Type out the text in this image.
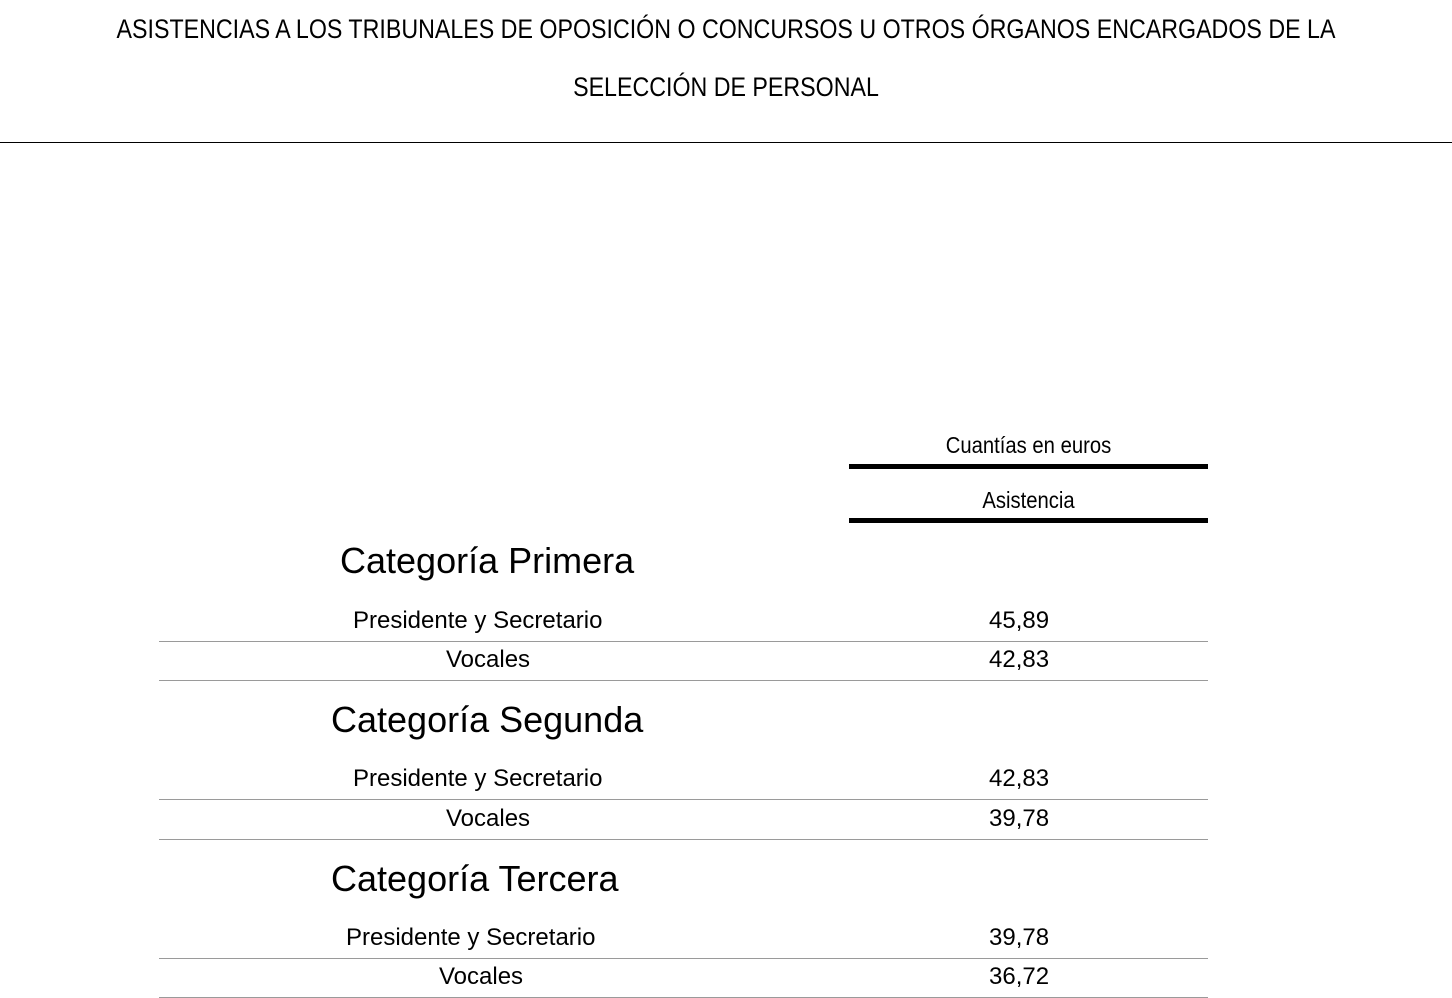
ASISTENCIAS A LOS TRIBUNALES DE OPOSICIÓN O CONCURSOS U OTROS ÓRGANOS ENCARGADOS DE LA
SELECCIÓN DE PERSONAL
Cuantías en euros
Asistencia
Categoría Primera
Presidente y Secretario	45,89
Vocales	42,83
Categoría Segunda
Presidente y Secretario	42,83
Vocales	39,78
Categoría Tercera
Presidente y Secretario	39,78
Vocales	36,72
